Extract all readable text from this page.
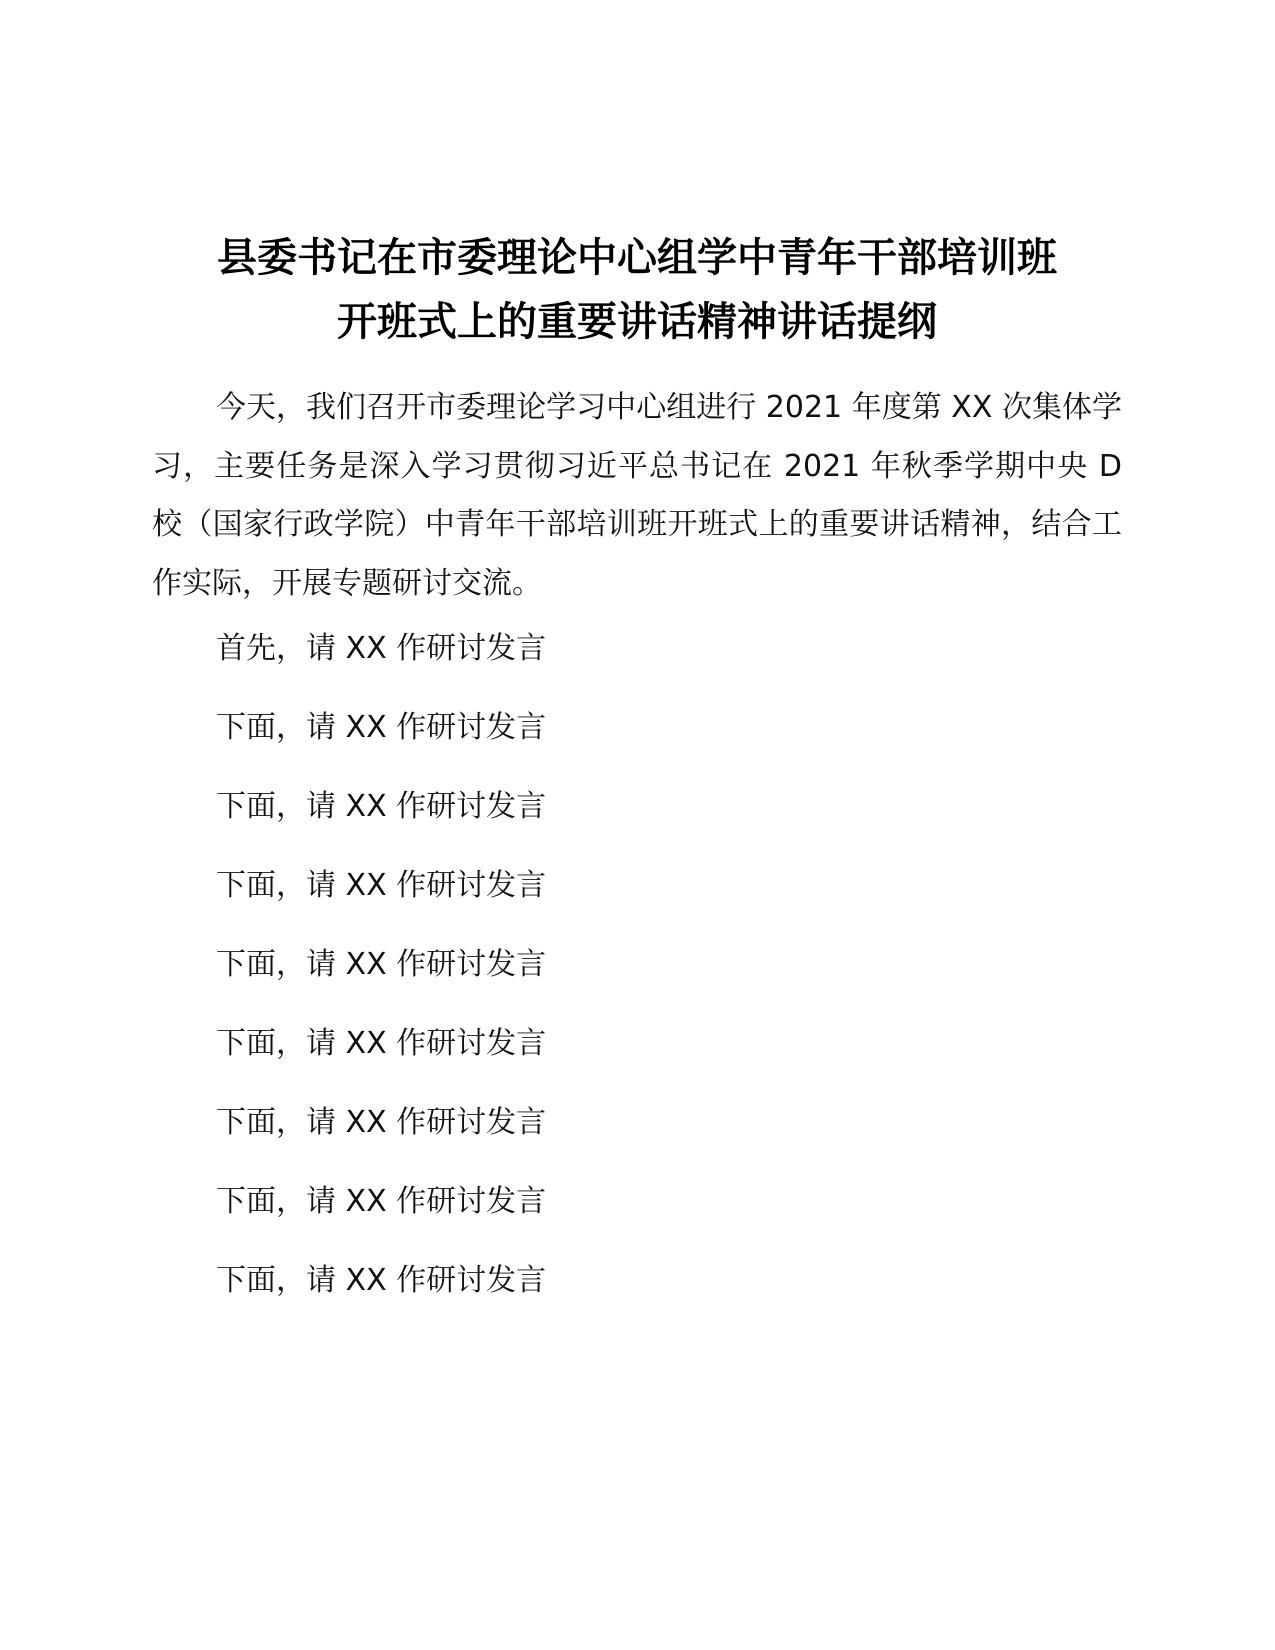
县委书记在市委理论中心组学中青年干部培训班
开班式上的重要讲话精神讲话提纲

今天，我们召开市委理论学习中心组进行 2021 年度第 XX 次集体学习，主要任务是深入学习贯彻习近平总书记在 2021 年秋季学期中央 D 校（国家行政学院）中青年干部培训班开班式上的重要讲话精神，结合工作实际，开展专题研讨交流。

首先，请 XX 作研讨发言
下面，请 XX 作研讨发言
下面，请 XX 作研讨发言
下面，请 XX 作研讨发言
下面，请 XX 作研讨发言
下面，请 XX 作研讨发言
下面，请 XX 作研讨发言
下面，请 XX 作研讨发言
下面，请 XX 作研讨发言
